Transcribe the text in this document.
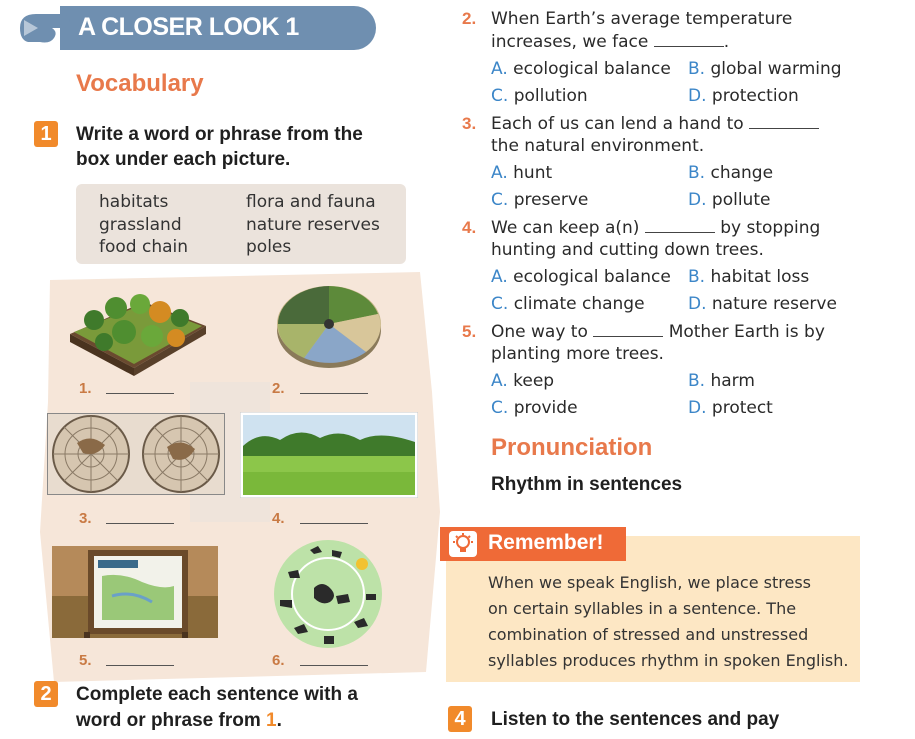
A CLOSER LOOK 1
Vocabulary
1	Write a word or phrase from the
box under each picture.
habitats	flora and fauna
grassland	nature reserves
food chain	poles
1.	2.
3.	4.
5.	6.
2	Complete each sentence with a
word or phrase from 1.
2. When Earth’s average temperature
increases, we face	.
A. ecological balance B. global warming
C. pollution	D. protection
3. Each of us can lend a hand to
the natural environment.
A. hunt	B. change
C. preserve	D. pollute
4. We can keep a(n)	by stopping
hunting and cutting down trees.
A. ecological balance B. habitat loss
C. climate change	D. nature reserve
5. One way to	Mother Earth is by
planting more trees.
A. keep	B. harm
C. provide	D. protect
Pronunciation
Rhythm in sentences
Remember!
When we speak English, we place stress
on certain syllables in a sentence. The
combination of stressed and unstressed
syllables produces rhythm in spoken English.
4	Listen to the sentences and pay
